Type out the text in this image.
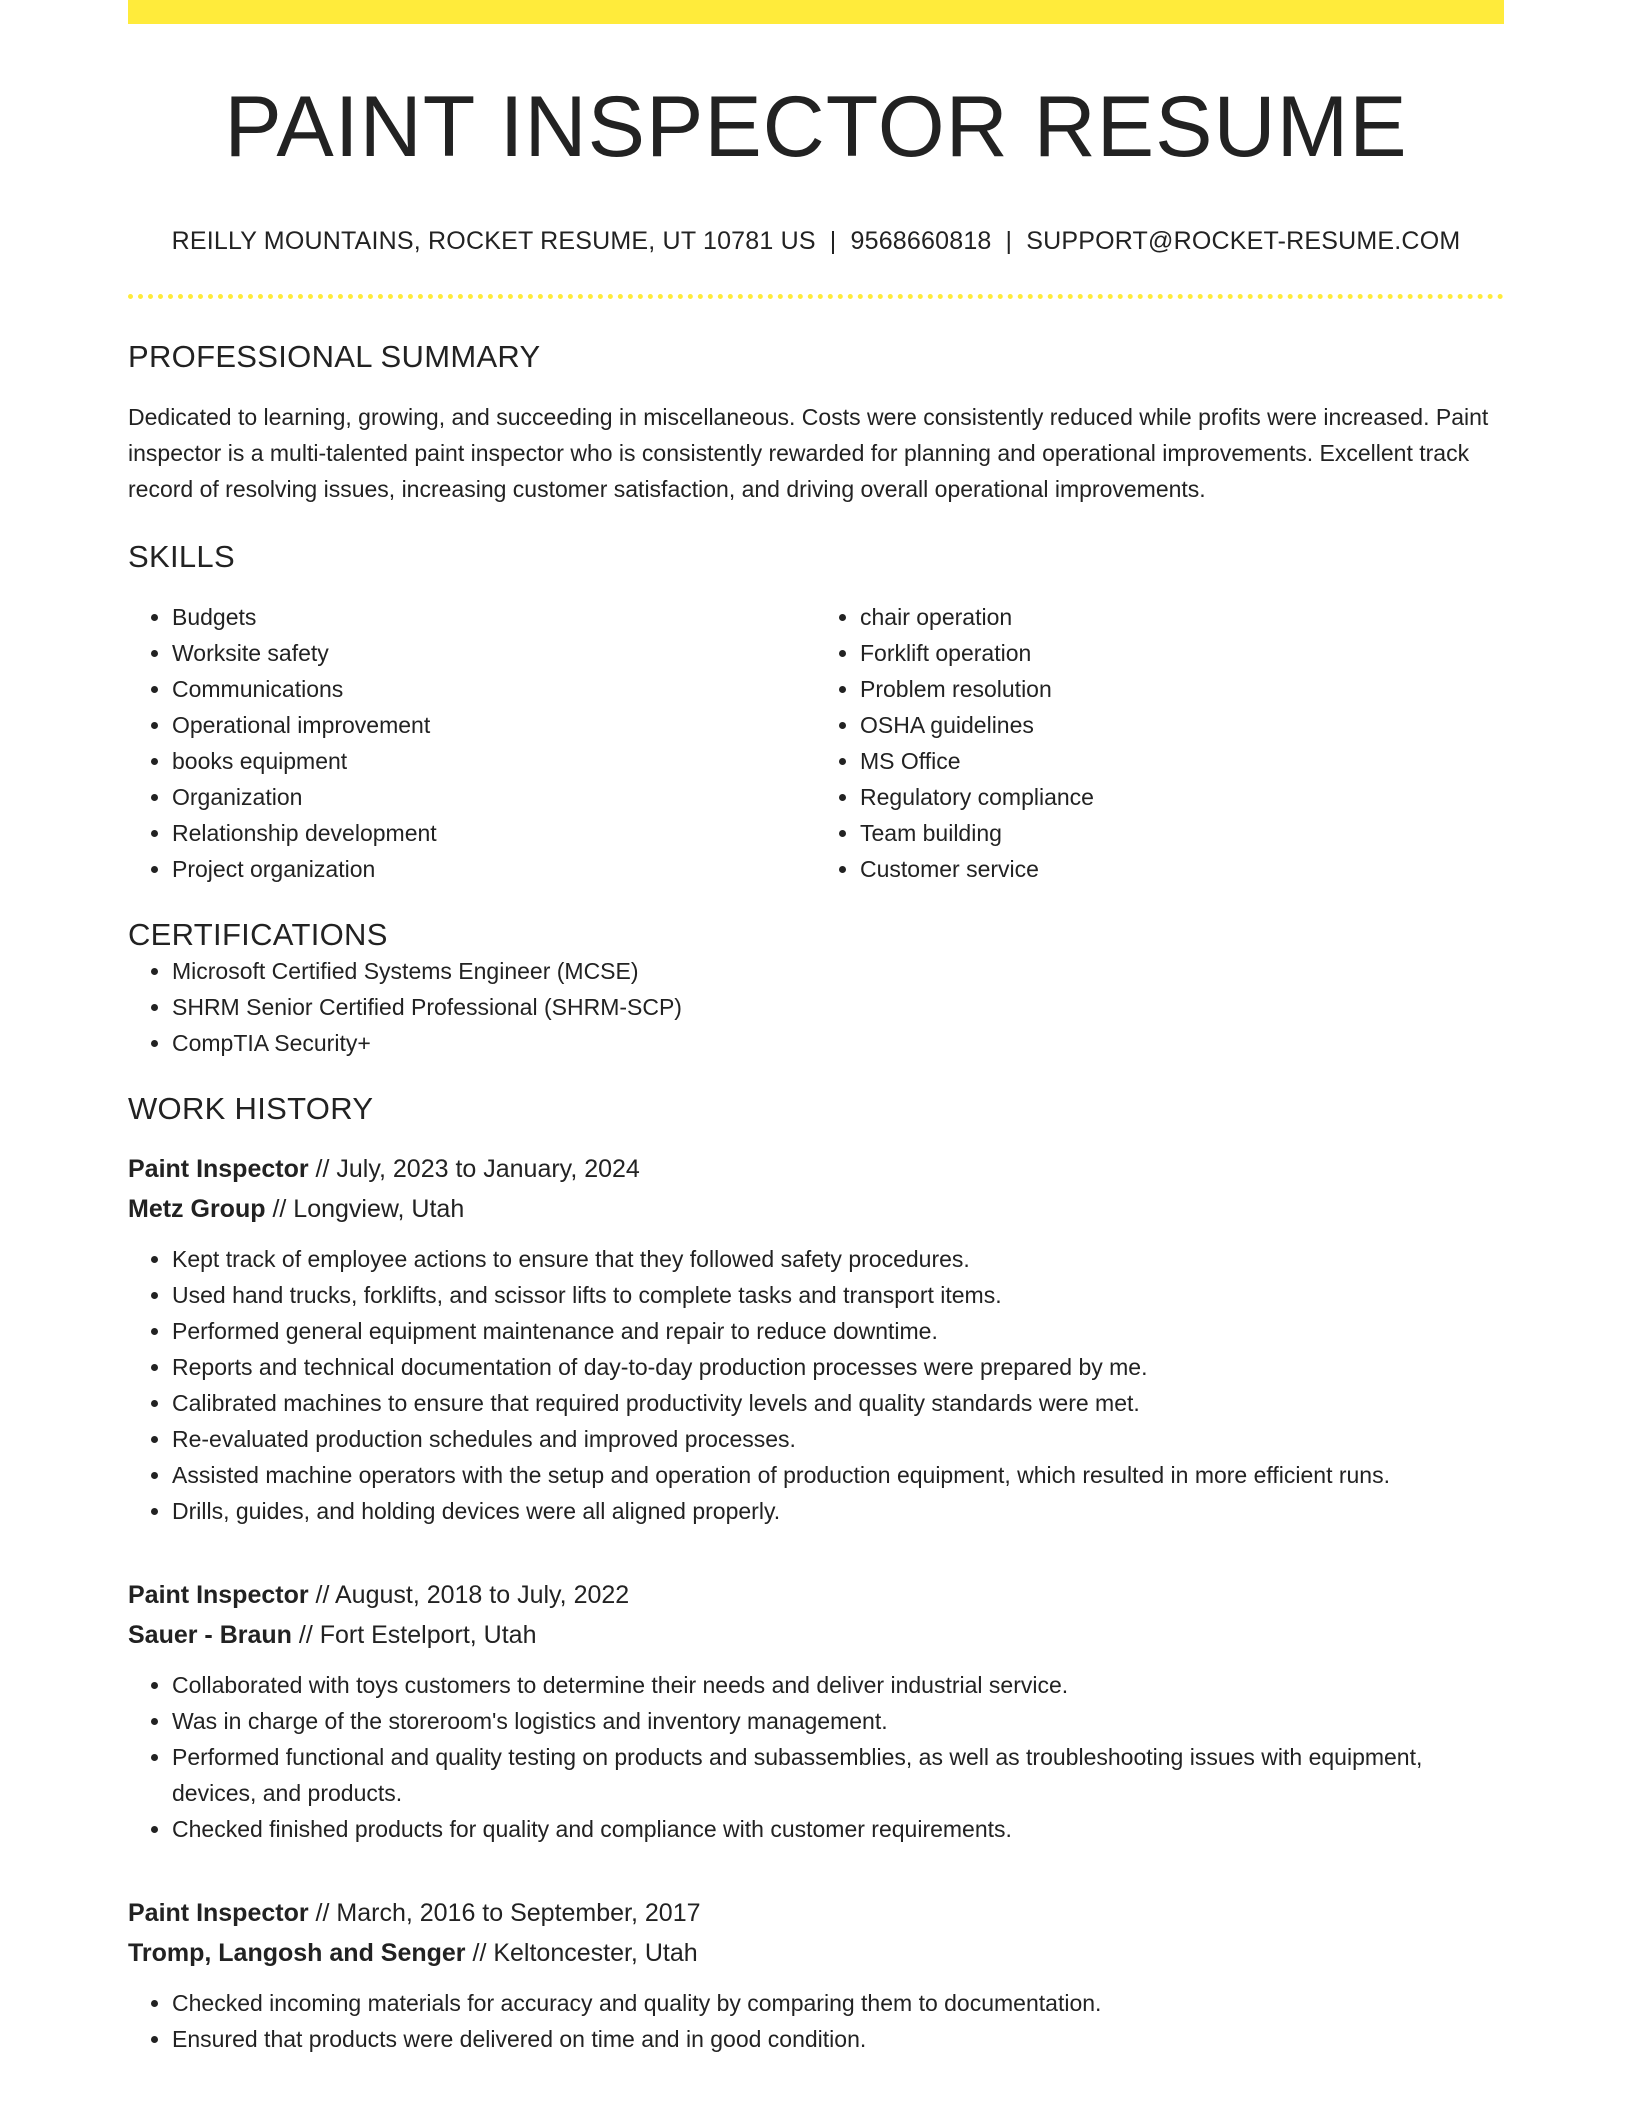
PAINT INSPECTOR RESUME
REILLY MOUNTAINS, ROCKET RESUME, UT 10781 US | 9568660818 | SUPPORT@ROCKET-RESUME.COM
PROFESSIONAL SUMMARY

Dedicated to learning, growing, and succeeding in miscellaneous. Costs were consistently reduced while profits were increased. Paint inspector is a multi-talented paint inspector who is consistently rewarded for planning and operational improvements. Excellent track record of resolving issues, increasing customer satisfaction, and driving overall operational improvements.

SKILLS
• Budgets
• Worksite safety
• Communications
• Operational improvement
• books equipment
• Organization
• Relationship development
• Project organization
• chair operation
• Forklift operation
• Problem resolution
• OSHA guidelines
• MS Office
• Regulatory compliance
• Team building
• Customer service
CERTIFICATIONS
• Microsoft Certified Systems Engineer (MCSE)
• SHRM Senior Certified Professional (SHRM-SCP)
• CompTIA Security+
WORK HISTORY
Paint Inspector // July, 2023 to January, 2024
Metz Group // Longview, Utah
• Kept track of employee actions to ensure that they followed safety procedures.
• Used hand trucks, forklifts, and scissor lifts to complete tasks and transport items.
• Performed general equipment maintenance and repair to reduce downtime.
• Reports and technical documentation of day-to-day production processes were prepared by me.
• Calibrated machines to ensure that required productivity levels and quality standards were met.
• Re-evaluated production schedules and improved processes.
• Assisted machine operators with the setup and operation of production equipment, which resulted in more efficient runs.
• Drills, guides, and holding devices were all aligned properly.
Paint Inspector // August, 2018 to July, 2022
Sauer - Braun // Fort Estelport, Utah
• Collaborated with toys customers to determine their needs and deliver industrial service.
• Was in charge of the storeroom's logistics and inventory management.
• Performed functional and quality testing on products and subassemblies, as well as troubleshooting issues with equipment, devices, and products.
• Checked finished products for quality and compliance with customer requirements.
Paint Inspector // March, 2016 to September, 2017
Tromp, Langosh and Senger // Keltoncester, Utah
• Checked incoming materials for accuracy and quality by comparing them to documentation.
• Ensured that products were delivered on time and in good condition.
